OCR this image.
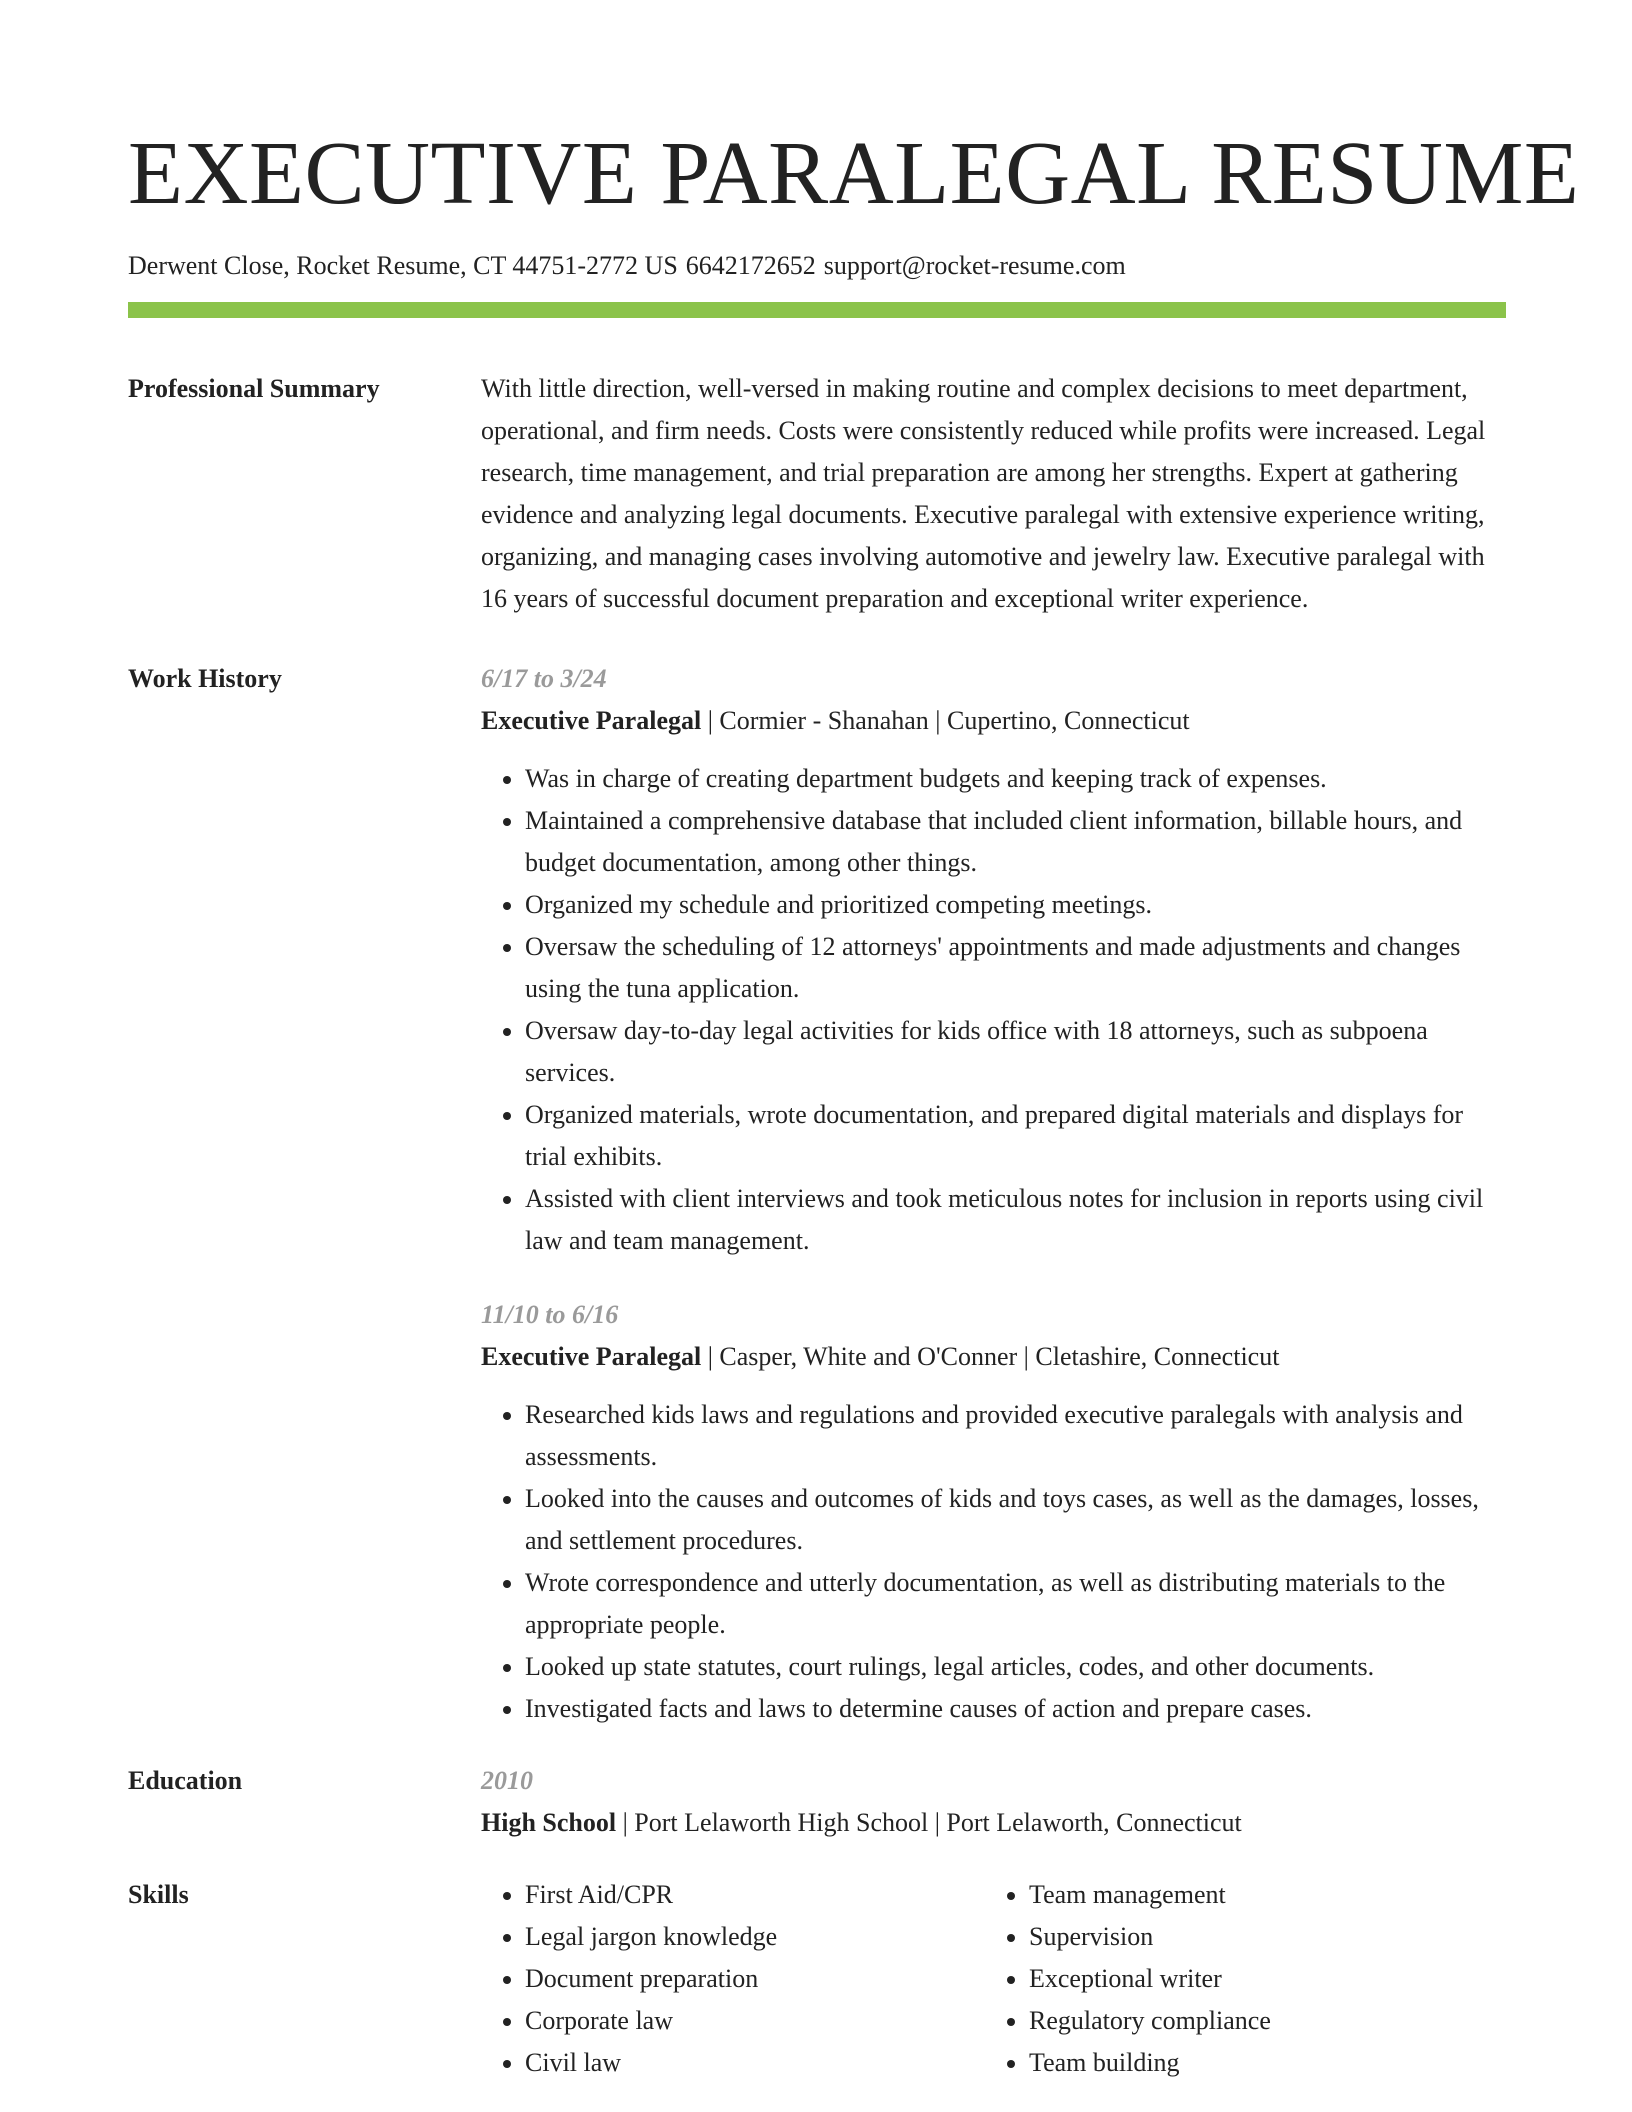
EXECUTIVE PARALEGAL RESUME
Derwent Close, Rocket Resume, CT 44751-2772 US 6642172652 support@rocket-resume.com
Professional Summary	With little direction, well-versed in making routine and complex decisions to meet department, operational, and firm needs. Costs were consistently reduced while profits were increased. Legal research, time management, and trial preparation are among her strengths. Expert at gathering evidence and analyzing legal documents. Executive paralegal with extensive experience writing, organizing, and managing cases involving automotive and jewelry law. Executive paralegal with 16 years of successful document preparation and exceptional writer experience.

Work History	6/17 to 3/24
Executive Paralegal | Cormier - Shanahan | Cupertino, Connecticut
• Was in charge of creating department budgets and keeping track of expenses.
• Maintained a comprehensive database that included client information, billable hours, and budget documentation, among other things.
• Organized my schedule and prioritized competing meetings.
• Oversaw the scheduling of 12 attorneys' appointments and made adjustments and changes using the tuna application.
• Oversaw day-to-day legal activities for kids office with 18 attorneys, such as subpoena services.
• Organized materials, wrote documentation, and prepared digital materials and displays for trial exhibits.
• Assisted with client interviews and took meticulous notes for inclusion in reports using civil law and team management.
11/10 to 6/16
Executive Paralegal | Casper, White and O'Conner | Cletashire, Connecticut
• Researched kids laws and regulations and provided executive paralegals with analysis and assessments.
• Looked into the causes and outcomes of kids and toys cases, as well as the damages, losses, and settlement procedures.
• Wrote correspondence and utterly documentation, as well as distributing materials to the appropriate people.
• Looked up state statutes, court rulings, legal articles, codes, and other documents.
• Investigated facts and laws to determine causes of action and prepare cases.
Education	2010
High School | Port Lelaworth High School | Port Lelaworth, Connecticut
Skills
•	First Aid/CPR
• Legal jargon knowledge
• Document preparation
• Corporate law
• Civil law
• Team management
• Supervision
• Exceptional writer
• Regulatory compliance
• Team building
